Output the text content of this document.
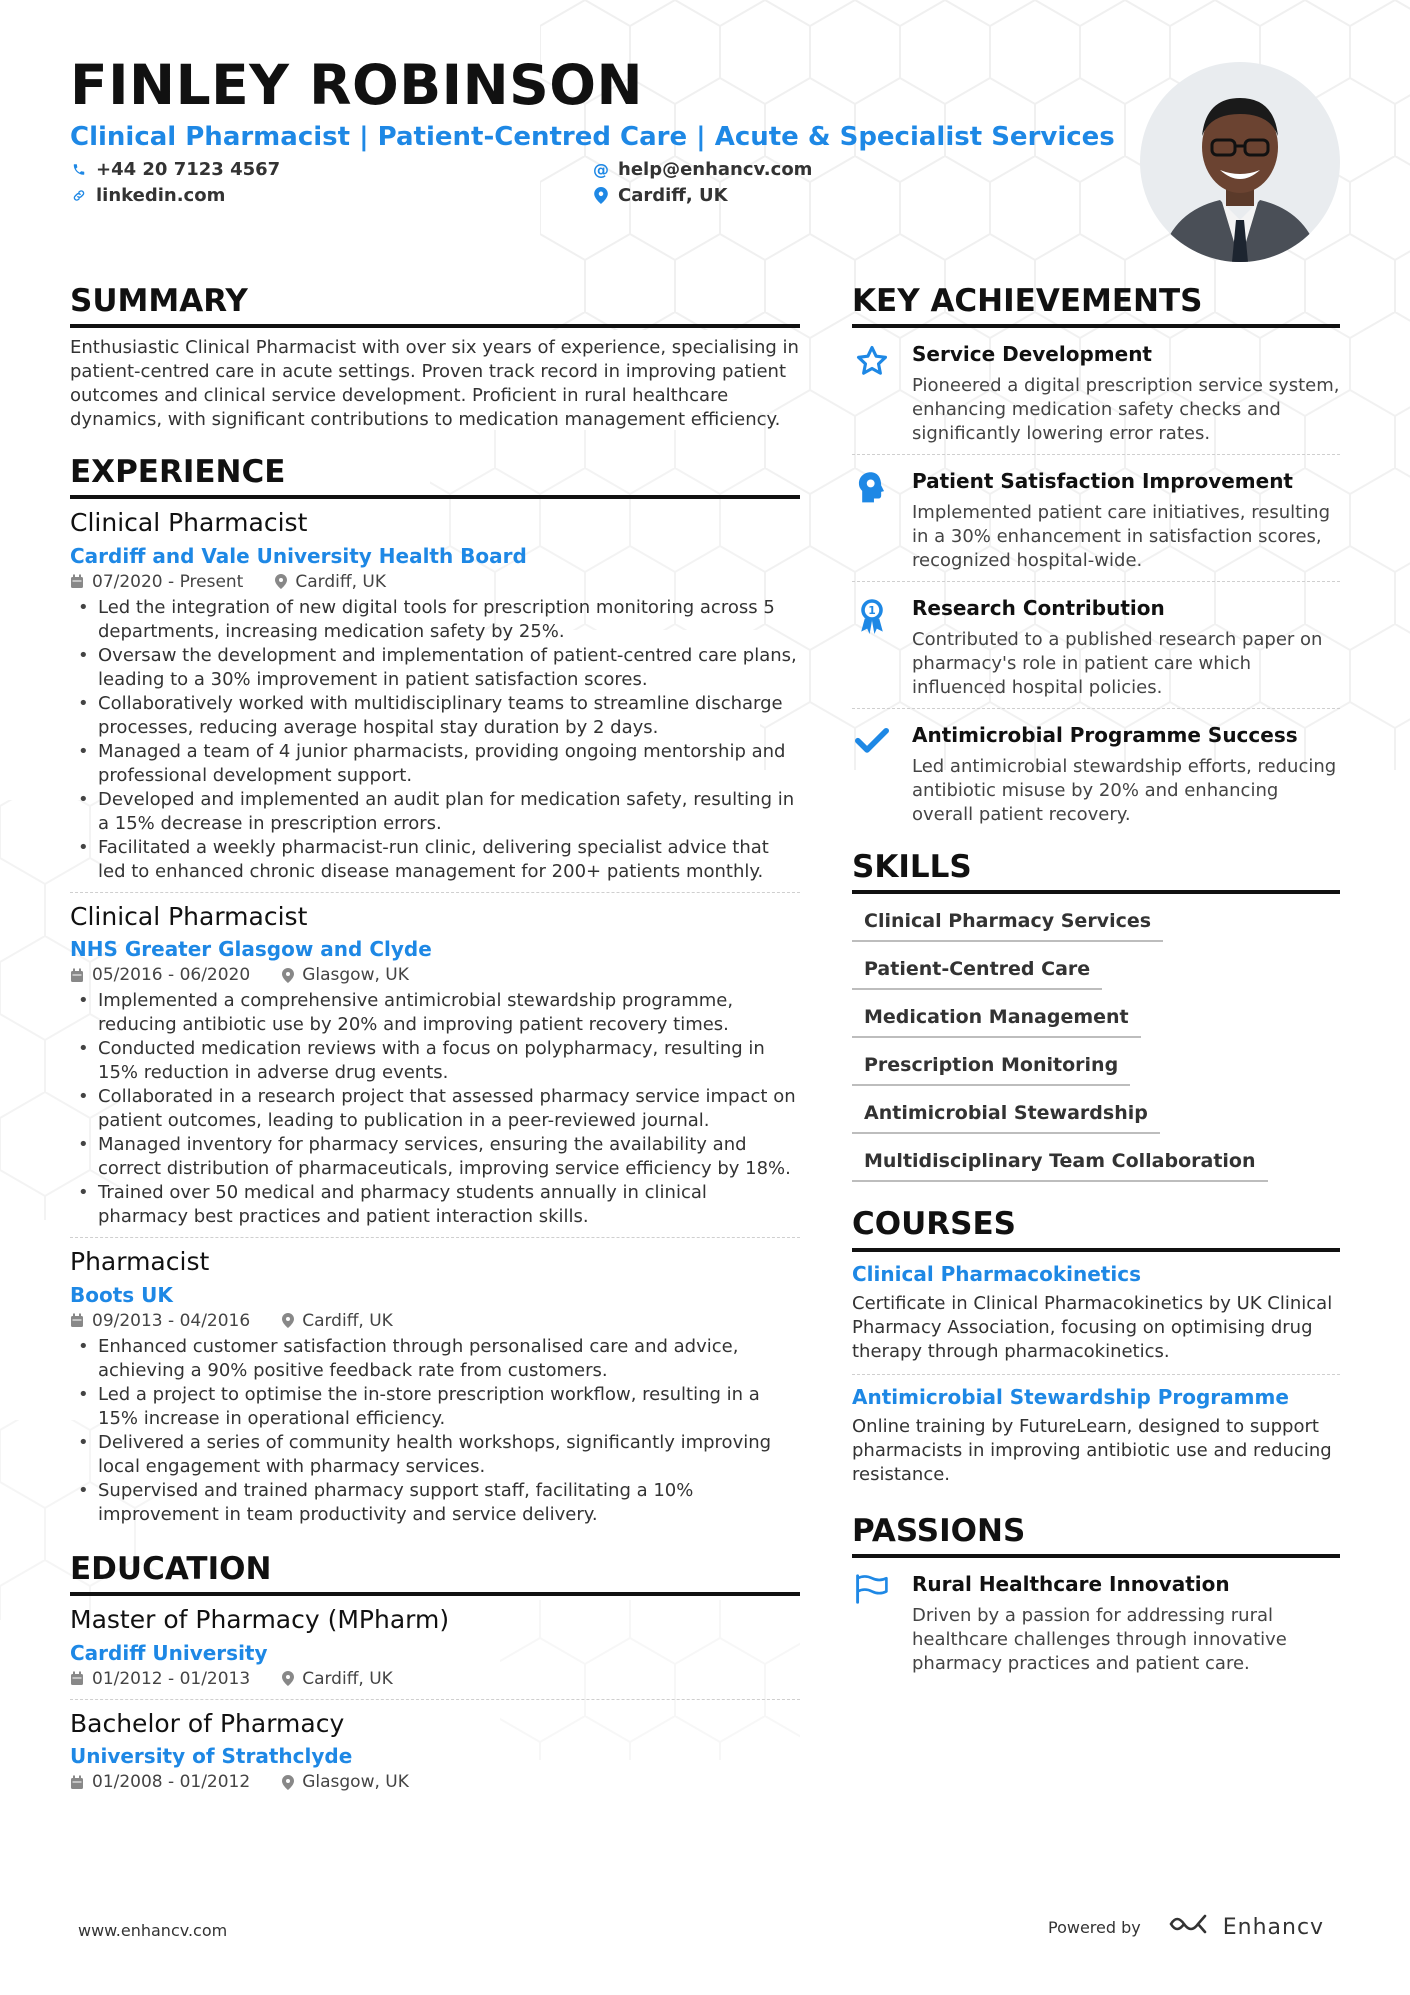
FINLEY ROBINSON
Clinical Pharmacist | Patient-Centred Care | Acute & Specialist Services
+44 20 7123 4567	@ help@enhancv.com
linkedin.com	Cardiff, UK
SUMMARY

Enthusiastic Clinical Pharmacist with over six years of experience, specialising in patient-centred care in acute settings. Proven track record in improving patient outcomes and clinical service development. Proficient in rural healthcare dynamics, with significant contributions to medication management efficiency.

EXPERIENCE
Clinical Pharmacist
Cardiff and Vale University Health Board
07/2020 - Present	Cardiff, UK
• Led the integration of new digital tools for prescription monitoring across 5 departments, increasing medication safety by 25%.
• Oversaw the development and implementation of patient-centred care plans, leading to a 30% improvement in patient satisfaction scores.
• Collaboratively worked with multidisciplinary teams to streamline discharge processes, reducing average hospital stay duration by 2 days.
• Managed a team of 4 junior pharmacists, providing ongoing mentorship and professional development support.
• Developed and implemented an audit plan for medication safety, resulting in a 15% decrease in prescription errors.
• Facilitated a weekly pharmacist-run clinic, delivering specialist advice that led to enhanced chronic disease management for 200+ patients monthly.
Clinical Pharmacist
NHS Greater Glasgow and Clyde
05/2016 - 06/2020	Glasgow, UK
• Implemented a comprehensive antimicrobial stewardship programme, reducing antibiotic use by 20% and improving patient recovery times.
• Conducted medication reviews with a focus on polypharmacy, resulting in 15% reduction in adverse drug events.
• Collaborated in a research project that assessed pharmacy service impact on patient outcomes, leading to publication in a peer-reviewed journal.
• Managed inventory for pharmacy services, ensuring the availability and correct distribution of pharmaceuticals, improving service efficiency by 18%.
• Trained over 50 medical and pharmacy students annually in clinical pharmacy best practices and patient interaction skills.
Pharmacist
Boots UK
09/2013 - 04/2016	Cardiff, UK
• Enhanced customer satisfaction through personalised care and advice, achieving a 90% positive feedback rate from customers.
• Led a project to optimise the in-store prescription workflow, resulting in a 15% increase in operational efficiency.
• Delivered a series of community health workshops, significantly improving local engagement with pharmacy services.
• Supervised and trained pharmacy support staff, facilitating a 10% improvement in team productivity and service delivery.
EDUCATION
Master of Pharmacy (MPharm)
Cardiff University
01/2012 - 01/2013	Cardiff, UK
Bachelor of Pharmacy
University of Strathclyde
01/2008 - 01/2012	Glasgow, UK
KEY ACHIEVEMENTS
Service Development

Pioneered a digital prescription service system, enhancing medication safety checks and significantly lowering error rates.

Patient Satisfaction Improvement

Implemented patient care initiatives, resulting in a 30% enhancement in satisfaction scores, recognized hospital-wide.

1 Research Contribution

Contributed to a published research paper on pharmacy's role in patient care which influenced hospital policies.

Antimicrobial Programme Success

Led antimicrobial stewardship efforts, reducing antibiotic misuse by 20% and enhancing overall patient recovery.

SKILLS
Clinical Pharmacy Services
Patient-Centred Care
Medication Management
Prescription Monitoring
Antimicrobial Stewardship
Multidisciplinary Team Collaboration
COURSES
Clinical Pharmacokinetics

Certificate in Clinical Pharmacokinetics by UK Clinical Pharmacy Association, focusing on optimising drug therapy through pharmacokinetics.

Antimicrobial Stewardship Programme

Online training by FutureLearn, designed to support pharmacists in improving antibiotic use and reducing resistance.

PASSIONS
Rural Healthcare Innovation

Driven by a passion for addressing rural healthcare challenges through innovative pharmacy practices and patient care.

www.enhancv.com	Powered by	Enhancv
